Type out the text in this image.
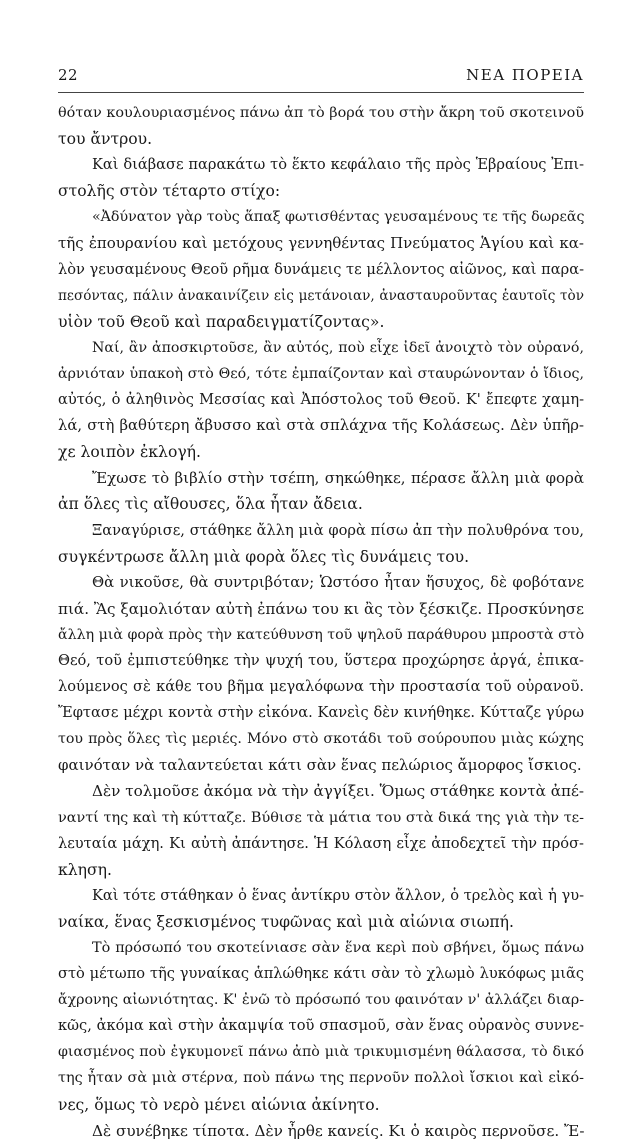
22	ΝΕΑ ΠΟΡΕΙΑ
θόταν κουλουριασμένος πάνω ἀπ τὸ βορά του στὴν ἄκρη τοῦ σκοτεινοῦ
του ἄντρου.
Καὶ διάβασε παρακάτω τὸ ἕκτο κεφάλαιο τῆς πρὸς Ἑβραίους Ἐπι-
στολῆς στὸν τέταρτο στίχο:
«Ἀδύνατον γὰρ τοὺς ἅπαξ φωτισθέντας γευσαμένους τε τῆς δωρεᾶς
τῆς ἐπουρανίου καὶ μετόχους γεννηθέντας Πνεύματος Ἁγίου καὶ κα-
λὸν γευσαμένους Θεοῦ ρῆμα δυνάμεις τε μέλλοντος αἰῶνος, καὶ παρα-
πεσόντας, πάλιν ἀνακαινίζειν εἰς μετάνοιαν, ἀνασταυροῦντας ἑαυτοῖς τὸν
υἱὸν τοῦ Θεοῦ καὶ παραδειγματίζοντας».
Ναί, ἂν ἀποσκιρτοῦσε, ἂν αὐτός, ποὺ εἶχε ἰδεῖ ἀνοιχτὸ τὸν οὐρανό,
ἀρνιόταν ὑπακοὴ στὸ Θεό, τότε ἐμπαίζονταν καὶ σταυρώνονταν ὁ ἴδιος,
αὐτός, ὁ ἀληθινὸς Μεσσίας καὶ Ἀπόστολος τοῦ Θεοῦ. Κ' ἔπεφτε χαμη-
λά, στὴ βαθύτερη ἄβυσσο καὶ στὰ σπλάχνα τῆς Κολάσεως. Δὲν ὑπῆρ-
χε λοιπὸν ἐκλογή.
Ἔχωσε τὸ βιβλίο στὴν τσέπη, σηκώθηκε, πέρασε ἄλλη μιὰ φορὰ
ἀπ ὅλες τὶς αἴθουσες, ὅλα ἦταν ἄδεια.
Ξαναγύρισε, στάθηκε ἄλλη μιὰ φορὰ πίσω ἀπ τὴν πολυθρόνα του,
συγκέντρωσε ἄλλη μιὰ φορὰ ὅλες τὶς δυνάμεις του.
Θὰ νικοῦσε, θὰ συντριβόταν; Ὡστόσο ἦταν ἥσυχος, δὲ φοβότανε
πιά. Ἂς ξαμολιόταν αὐτὴ ἐπάνω του κι ἂς τὸν ξέσκιζε. Προσκύνησε
ἄλλη μιὰ φορὰ πρὸς τὴν κατεύθυνση τοῦ ψηλοῦ παράθυρου μπροστὰ στὸ
Θεό, τοῦ ἐμπιστεύθηκε τὴν ψυχή του, ὕστερα προχώρησε ἀργά, ἐπικα-
λούμενος σὲ κάθε του βῆμα μεγαλόφωνα τὴν προστασία τοῦ οὐρανοῦ.
Ἔφτασε μέχρι κοντὰ στὴν εἰκόνα. Κανεὶς δὲν κινήθηκε. Κύτταζε γύρω
του πρὸς ὅλες τὶς μεριές. Μόνο στὸ σκοτάδι τοῦ σούρουπου μιὰς κώχης
φαινόταν νὰ ταλαντεύεται κάτι σὰν ἕνας πελώριος ἄμορφος ἴσκιος.
Δὲν τολμοῦσε ἀκόμα νὰ τὴν ἀγγίξει. Ὅμως στάθηκε κοντὰ ἀπέ-
ναντί της καὶ τὴ κύτταζε. Βύθισε τὰ μάτια του στὰ δικά της γιὰ τὴν τε-
λευταία μάχη. Κι αὐτὴ ἀπάντησε. Ἡ Κόλαση εἶχε ἀποδεχτεῖ τὴν πρόσ-
κληση.
Καὶ τότε στάθηκαν ὁ ἕνας ἀντίκρυ στὸν ἄλλον, ὁ τρελὸς καὶ ἡ γυ-
ναίκα, ἕνας ξεσκισμένος τυφῶνας καὶ μιὰ αἰώνια σιωπή.
Τὸ πρόσωπό του σκοτείνιασε σὰν ἕνα κερὶ ποὺ σβήνει, ὅμως πάνω
στὸ μέτωπο τῆς γυναίκας ἁπλώθηκε κάτι σὰν τὸ χλωμὸ λυκόφως μιᾶς
ἄχρονης αἰωνιότητας. Κ' ἐνῶ τὸ πρόσωπό του φαινόταν ν' ἀλλάζει διαρ-
κῶς, ἀκόμα καὶ στὴν ἀκαμψία τοῦ σπασμοῦ, σὰν ἕνας οὐρανὸς συννε-
φιασμένος ποὺ ἐγκυμονεῖ πάνω ἀπὸ μιὰ τρικυμισμένη θάλασσα, τὸ δικό
της ἦταν σὰ μιὰ στέρνα, ποὺ πάνω της περνοῦν πολλοὶ ἴσκιοι καὶ εἰκό-
νες, ὅμως τὸ νερὸ μένει αἰώνια ἀκίνητο.
Δὲ συνέβηκε τίποτα. Δὲν ἦρθε κανείς. Κι ὁ καιρὸς περνοῦσε. Ἔ-
